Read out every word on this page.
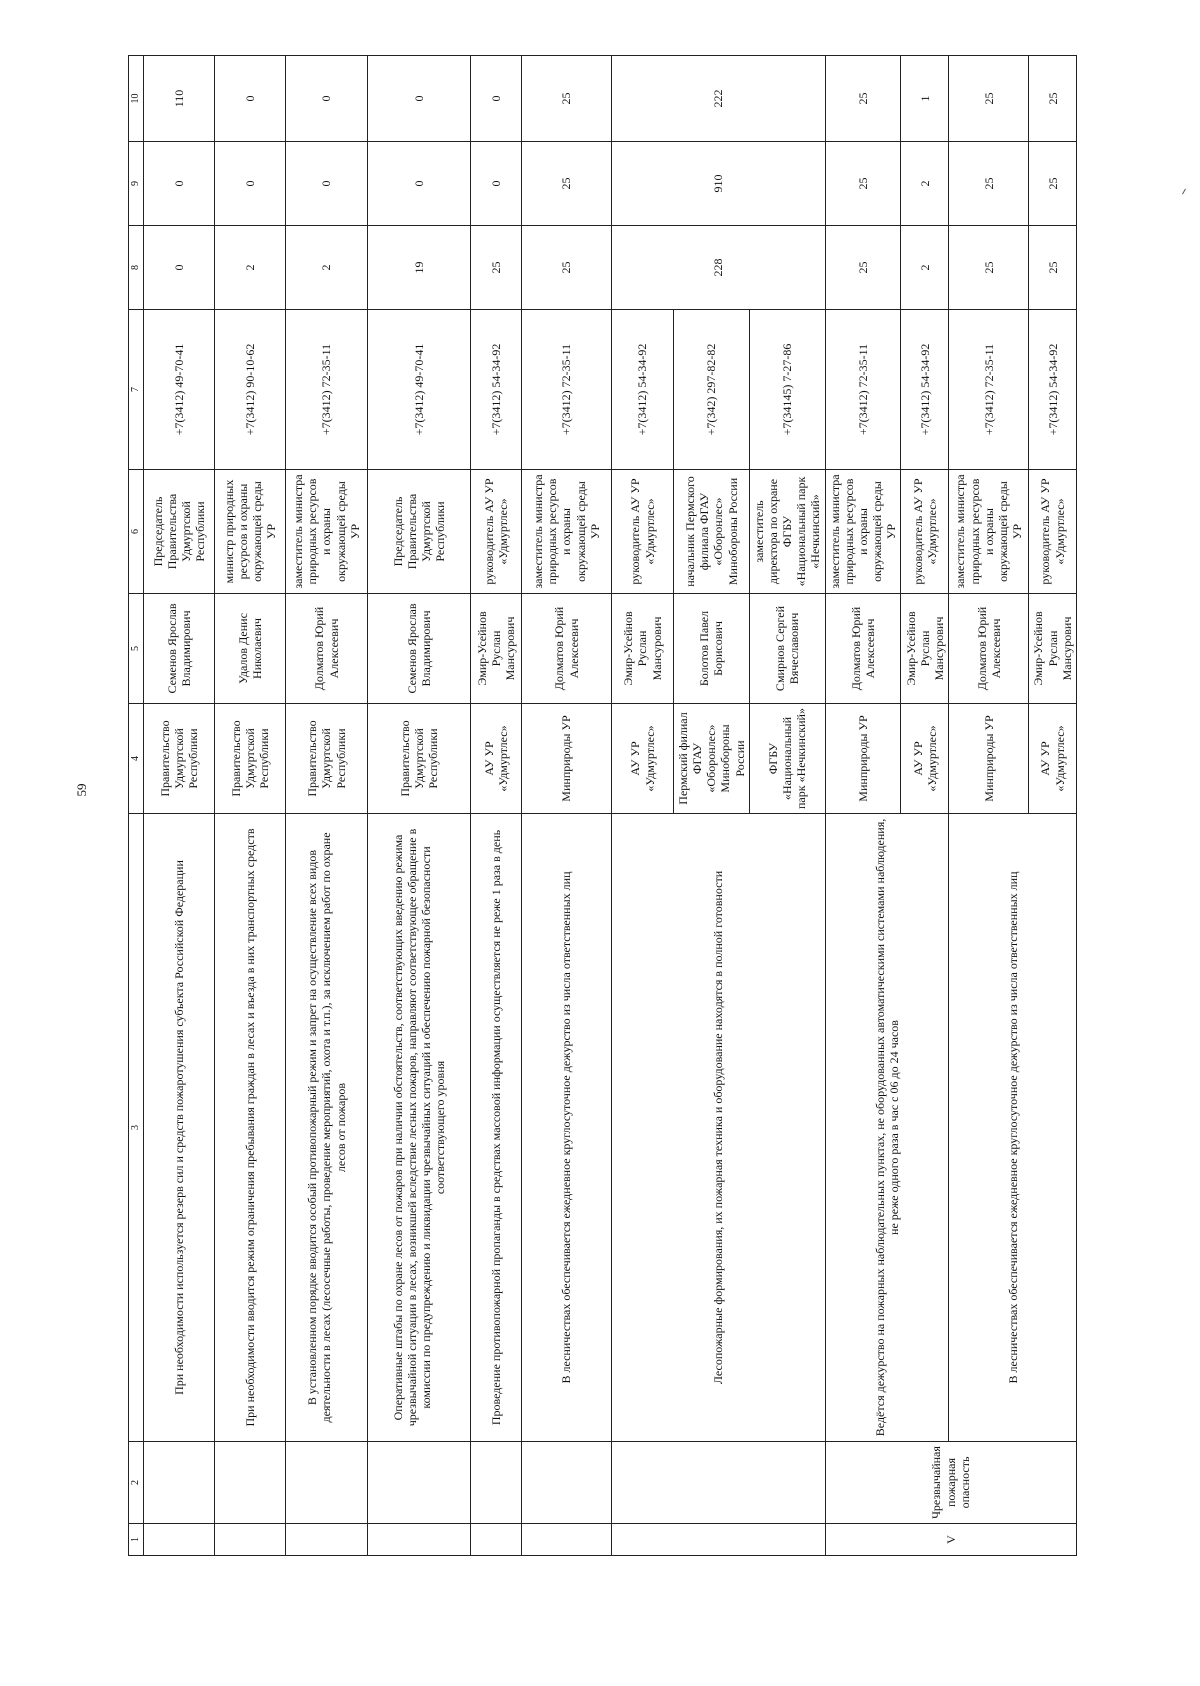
59
1	2	3	4	5	6	7	8	9	10
		При необходимости используется резерв сил и средств пожаротушения субъекта Российской Федерации	Правительство Удмуртской Республики	Семенов Ярослав Владимирович	Председатель Правительства Удмуртской Республики	+7(3412) 49-70-41	0	0	110
		При необходимости вводится режим ограничения пребывания граждан в лесах и въезда в них транспортных средств	Правительство Удмуртской Республики	Удалов Денис Николаевич	министр природных ресурсов и охраны окружающей среды УР	+7(3412) 90-10-62	2	0	0
		В установленном порядке вводится особый противопожарный режим и запрет на осуществление всех видов деятельности в лесах (лесосечные работы, проведение мероприятий, охота и т.п.), за исключением работ по охране лесов от пожаров	Правительство Удмуртской Республики	Долматов Юрий Алексеевич	заместитель министра природных ресурсов и охраны окружающей среды УР	+7(3412) 72-35-11	2	0	0
		Оперативные штабы по охране лесов от пожаров при наличии обстоятельств, соответствующих введению режима чрезвычайной ситуации в лесах, возникшей вследствие лесных пожаров, направляют соответствующее обращение в комиссии по предупреждению и ликвидации чрезвычайных ситуаций и обеспечению пожарной безопасности соответствующего уровня	Правительство Удмуртской Республики	Семенов Ярослав Владимирович	Председатель Правительства Удмуртской Республики	+7(3412) 49-70-41	19	0	0
		Проведение противопожарной пропаганды в средствах массовой информации осуществляется не реже 1 раза в день	АУ УР «Удмуртлес»	Эмир-Усейнов Руслан Мансурович	руководитель АУ УР «Удмуртлес»	+7(3412) 54-34-92	25	0	0
		В лесничествах обеспечивается ежедневное круглосуточное дежурство из числа ответственных лиц	Минприроды УР	Долматов Юрий Алексеевич	заместитель министра природных ресурсов и охраны окружающей среды УР	+7(3412) 72-35-11	25	25	25
		Лесопожарные формирования, их пожарная техника и оборудование находятся в полной готовности	АУ УР «Удмуртлес»	Эмир-Усейнов Руслан Мансурович	руководитель АУ УР «Удмуртлес»	+7(3412) 54-34-92	228	910	222
			Пермский филиал ФГАУ «Оборонлес» Минобороны России	Болотов Павел Борисович	начальник Пермского филиала ФГАУ «Оборонлес» Минобороны России	+7(342) 297-82-82			
			ФГБУ «Национальный парк «Нечкинский»	Смирнов Сергей Вячеславович	заместитель директора по охране ФГБУ «Национальный парк «Нечкинский»	+7(34145) 7-27-86			
V	Чрезвычайная пожарная опасность	Ведётся дежурство на пожарных наблюдательных пунктах, не оборудованных автоматическими системами наблюдения, не реже одного раза в час с 06 до 24 часов	Минприроды УР	Долматов Юрий Алексеевич	заместитель министра природных ресурсов и охраны окружающей среды УР	+7(3412) 72-35-11	25	25	25
			АУ УР «Удмуртлес»	Эмир-Усейнов Руслан Мансурович	руководитель АУ УР «Удмуртлес»	+7(3412) 54-34-92	2	2	1
		В лесничествах обеспечивается ежедневное круглосуточное дежурство из числа ответственных лиц	Минприроды УР	Долматов Юрий Алексеевич	заместитель министра природных ресурсов и охраны окружающей среды УР	+7(3412) 72-35-11	25	25	25
			АУ УР «Удмуртлес»	Эмир-Усейнов Руслан Мансурович	руководитель АУ УР «Удмуртлес»	+7(3412) 54-34-92	25	25	25
